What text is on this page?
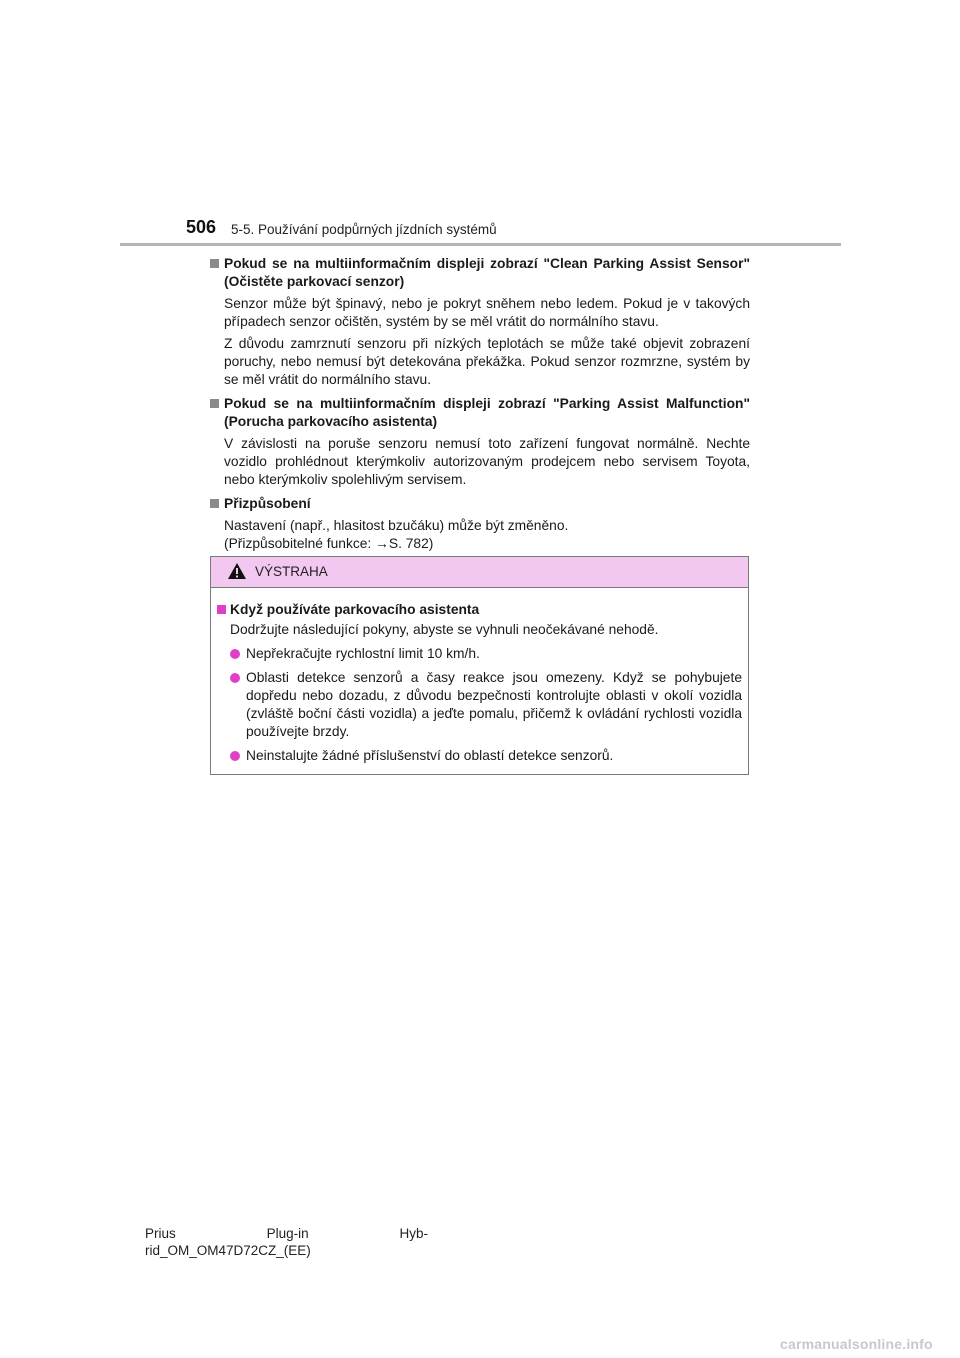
506 5-5. Používání podpůrných jízdních systémů
Pokud se na multiinformačním displeji zobrazí "Clean Parking Assist Sensor" (Očistěte parkovací senzor)
Senzor může být špinavý, nebo je pokryt sněhem nebo ledem. Pokud je v takových případech senzor očištěn, systém by se měl vrátit do normálního stavu.
Z důvodu zamrznutí senzoru při nízkých teplotách se může také objevit zobrazení poruchy, nebo nemusí být detekována překážka. Pokud senzor rozmrzne, systém by se měl vrátit do normálního stavu.
Pokud se na multiinformačním displeji zobrazí "Parking Assist Malfunction" (Porucha parkovacího asistenta)
V závislosti na poruše senzoru nemusí toto zařízení fungovat normálně. Nechte vozidlo prohlédnout kterýmkoliv autorizovaným prodejcem nebo servisem Toyota, nebo kterýmkoliv spolehlivým servisem.
Přizpůsobení
Nastavení (např., hlasitost bzučáku) může být změněno.
(Přizpůsobitelné funkce: →S. 782)
VÝSTRAHA
Když používáte parkovacího asistenta
Dodržujte následující pokyny, abyste se vyhnuli neočekávané nehodě.
Nepřekračujte rychlostní limit 10 km/h.
Oblasti detekce senzorů a časy reakce jsou omezeny. Když se pohybujete dopředu nebo dozadu, z důvodu bezpečnosti kontrolujte oblasti v okolí vozidla (zvláště boční části vozidla) a jeďte pomalu, přičemž k ovládání rychlosti vozidla používejte brzdy.
Neinstalujte žádné příslušenství do oblastí detekce senzorů.
Prius	Plug-in	Hyb-
rid_OM_OM47D72CZ_(EE)
carmanualsonline.info
